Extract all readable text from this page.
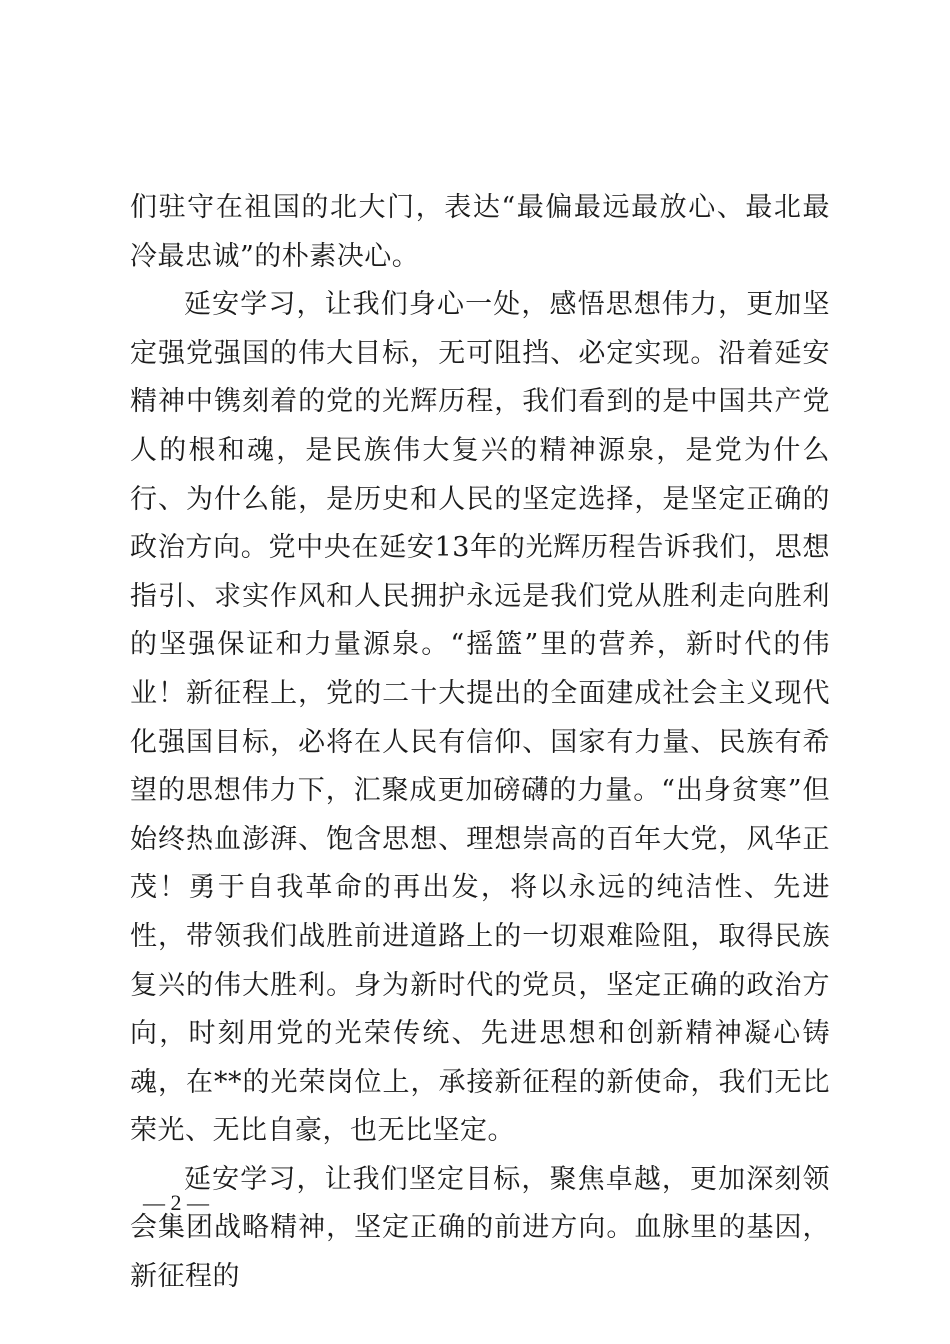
们驻守在祖国的北大门，表达“最偏最远最放心、最北最冷最忠诚”的朴素决心。

延安学习，让我们身心一处，感悟思想伟力，更加坚定强党强国的伟大目标，无可阻挡、必定实现。沿着延安精神中镌刻着的党的光辉历程，我们看到的是中国共产党人的根和魂，是民族伟大复兴的精神源泉，是党为什么行、为什么能，是历史和人民的坚定选择，是坚定正确的政治方向。党中央在延安13年的光辉历程告诉我们，思想指引、求实作风和人民拥护永远是我们党从胜利走向胜利的坚强保证和力量源泉。“摇篮”里的营养，新时代的伟业！新征程上，党的二十大提出的全面建成社会主义现代化强国目标，必将在人民有信仰、国家有力量、民族有希望的思想伟力下，汇聚成更加磅礴的力量。“出身贫寒”但始终热血澎湃、饱含思想、理想崇高的百年大党，风华正茂！勇于自我革命的再出发，将以永远的纯洁性、先进性，带领我们战胜前进道路上的一切艰难险阻，取得民族复兴的伟大胜利。身为新时代的党员，坚定正确的政治方向，时刻用党的光荣传统、先进思想和创新精神凝心铸魂，在**的光荣岗位上，承接新征程的新使命，我们无比荣光、无比自豪，也无比坚定。

延安学习，让我们坚定目标，聚焦卓越，更加深刻领会集团战略精神，坚定正确的前进方向。血脉里的基因，新征程的

— 2 —
